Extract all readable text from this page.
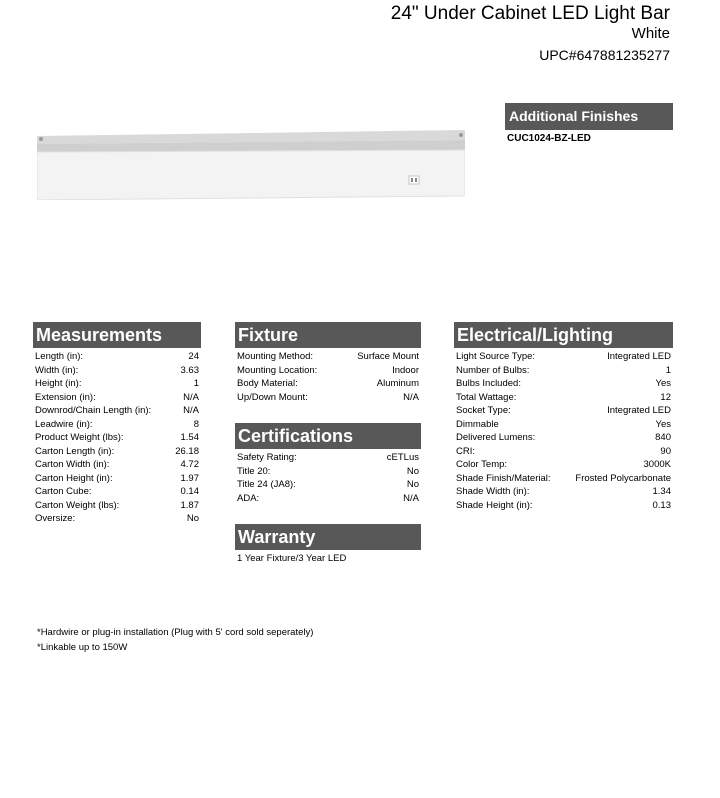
24" Under Cabinet LED Light Bar
White
UPC#647881235277
Additional Finishes
CUC1024-BZ-LED
Measurements
Length (in):	24
Width (in):	3.63
Height (in):	1
Extension (in):	N/A
Downrod/Chain Length (in):	N/A
Leadwire (in):	8
Product Weight (lbs):	1.54
Carton Length (in):	26.18
Carton Width (in):	4.72
Carton Height (in):	1.97
Carton Cube:	0.14
Carton Weight (lbs):	1.87
Oversize:	No
Fixture
Mounting Method:	Surface Mount
Mounting Location:	Indoor
Body Material:	Aluminum
Up/Down Mount:	N/A
Certifications
Safety Rating:	cETLus
Title 20:	No
Title 24 (JA8):	No
ADA:	N/A
Warranty
1 Year Fixture/3 Year LED
Electrical/Lighting
Light Source Type:	Integrated LED
Number of Bulbs:	1
Bulbs Included:	Yes
Total Wattage:	12
Socket Type:	Integrated LED
Dimmable	Yes
Delivered Lumens:	840
CRI:	90
Color Temp:	3000K
Shade Finish/Material:	Frosted Polycarbonate
Shade Width (in):	1.34
Shade Height (in):	0.13
*Hardwire or plug-in installation (Plug with 5' cord sold seperately)
*Linkable up to 150W
